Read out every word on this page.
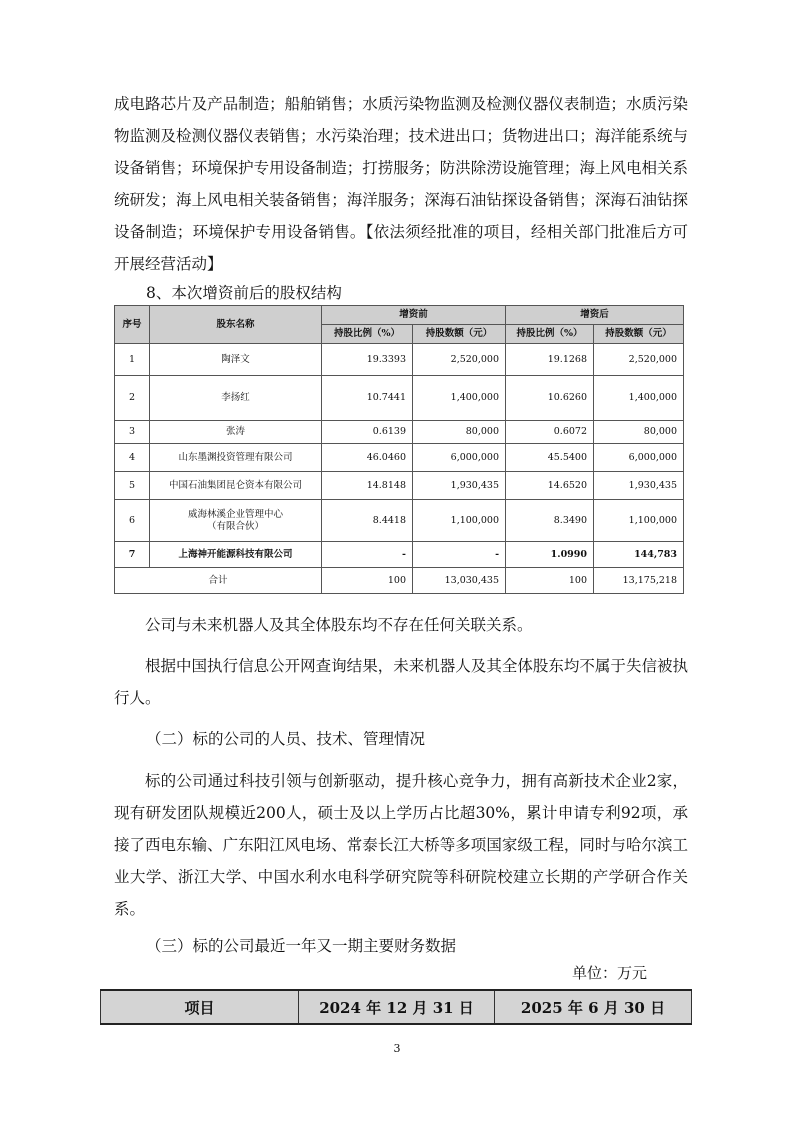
成电路芯片及产品制造；船舶销售；水质污染物监测及检测仪器仪表制造；水质污染物监测及检测仪器仪表销售；水污染治理；技术进出口；货物进出口；海洋能系统与设备销售；环境保护专用设备制造；打捞服务；防洪除涝设施管理；海上风电相关系统研发；海上风电相关装备销售；海洋服务；深海石油钻探设备销售；深海石油钻探设备制造；环境保护专用设备销售。【依法须经批准的项目，经相关部门批准后方可开展经营活动】

8、本次增资前后的股权结构

序号	股东名称	增资前		增资后	
		持股比例（%）	持股数额（元）	持股比例（%）	持股数额（元）
1	陶泽文	19.3393	2,520,000	19.1268	2,520,000
2	李扬红	10.7441	1,400,000	10.6260	1,400,000
3	张涛	0.6139	80,000	0.6072	80,000
4	山东墨渊投资管理有限公司	46.0460	6,000,000	45.5400	6,000,000
5	中国石油集团昆仑资本有限公司	14.8148	1,930,435	14.6520	1,930,435
6	威海林溪企业管理中心
（有限合伙）	8.4418	1,100,000	8.3490	1,100,000
7	上海神开能源科技有限公司	-	-	1.0990	144,783
合计		100	13,030,435	100	13,175,218

公司与未来机器人及其全体股东均不存在任何关联关系。

根据中国执行信息公开网查询结果，未来机器人及其全体股东均不属于失信被执行人。

（二）标的公司的人员、技术、管理情况

标的公司通过科技引领与创新驱动，提升核心竞争力，拥有高新技术企业2家，现有研发团队规模近200人，硕士及以上学历占比超30%，累计申请专利92项，承接了西电东输、广东阳江风电场、常泰长江大桥等多项国家级工程，同时与哈尔滨工业大学、浙江大学、中国水利水电科学研究院等科研院校建立长期的产学研合作关系。

（三）标的公司最近一年又一期主要财务数据

单位：万元
项目	2024 年 12 月 31 日	2025 年 6 月 30 日
3
